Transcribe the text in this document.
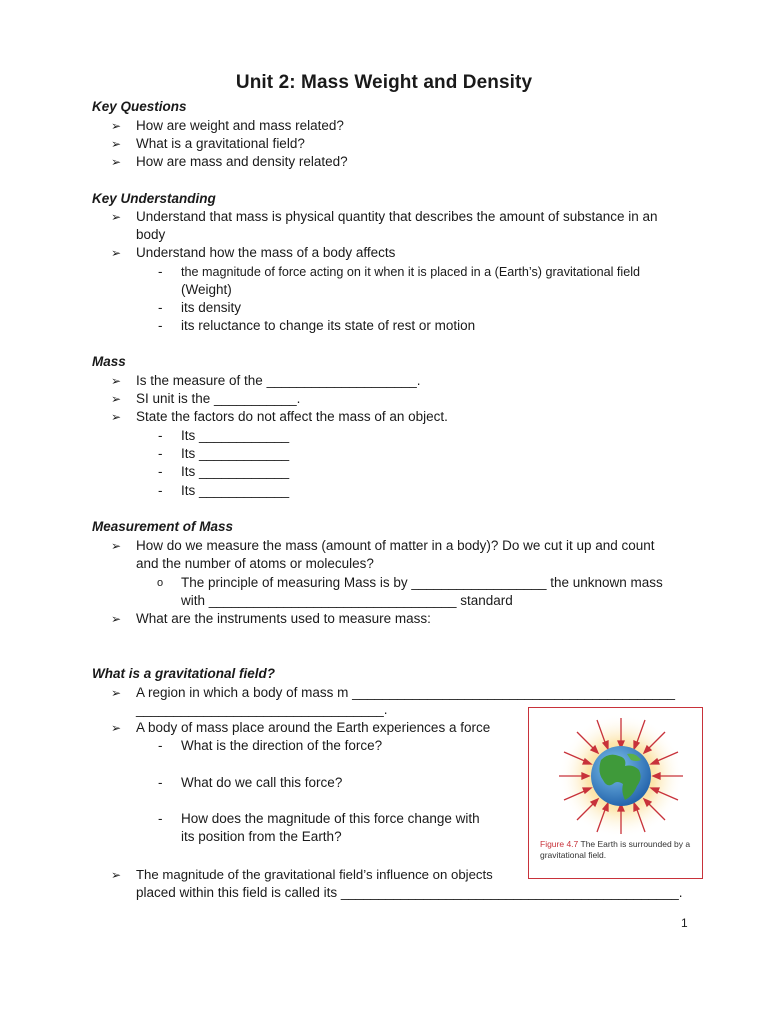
Unit 2: Mass Weight and Density
Key Questions
➢ How are weight and mass related?
➢ What is a gravitational field?
➢ How are mass and density related?
Key Understanding
➢ Understand that mass is physical quantity that describes the amount of substance in an
body
➢ Understand how the mass of a body affects
- the magnitude of force acting on it when it is placed in a (Earth’s) gravitational field
(Weight)
- its density
- its reluctance to change its state of rest or motion
Mass
➢ Is the measure of the ____________________.
➢ SI unit is the ___________.
➢ State the factors do not affect the mass of an object.
- Its ____________
- Its ____________
- Its ____________
- Its ____________
Measurement of Mass
➢ How do we measure the mass (amount of matter in a body)? Do we cut it up and count
and the number of atoms or molecules?
o The principle of measuring Mass is by __________________ the unknown mass
with _________________________________ standard
➢ What are the instruments used to measure mass:
What is a gravitational field?
➢ A region in which a body of mass m ___________________________________________
_________________________________.
➢ A body of mass place around the Earth experiences a force
- What is the direction of the force?
- What do we call this force?
- How does the magnitude of this force change with
its position from the Earth?
➢ The magnitude of the gravitational field’s influence on objects
placed within this field is called its _____________________________________________.
Figure 4.7 The Earth is surrounded by a gravitational field.
1
